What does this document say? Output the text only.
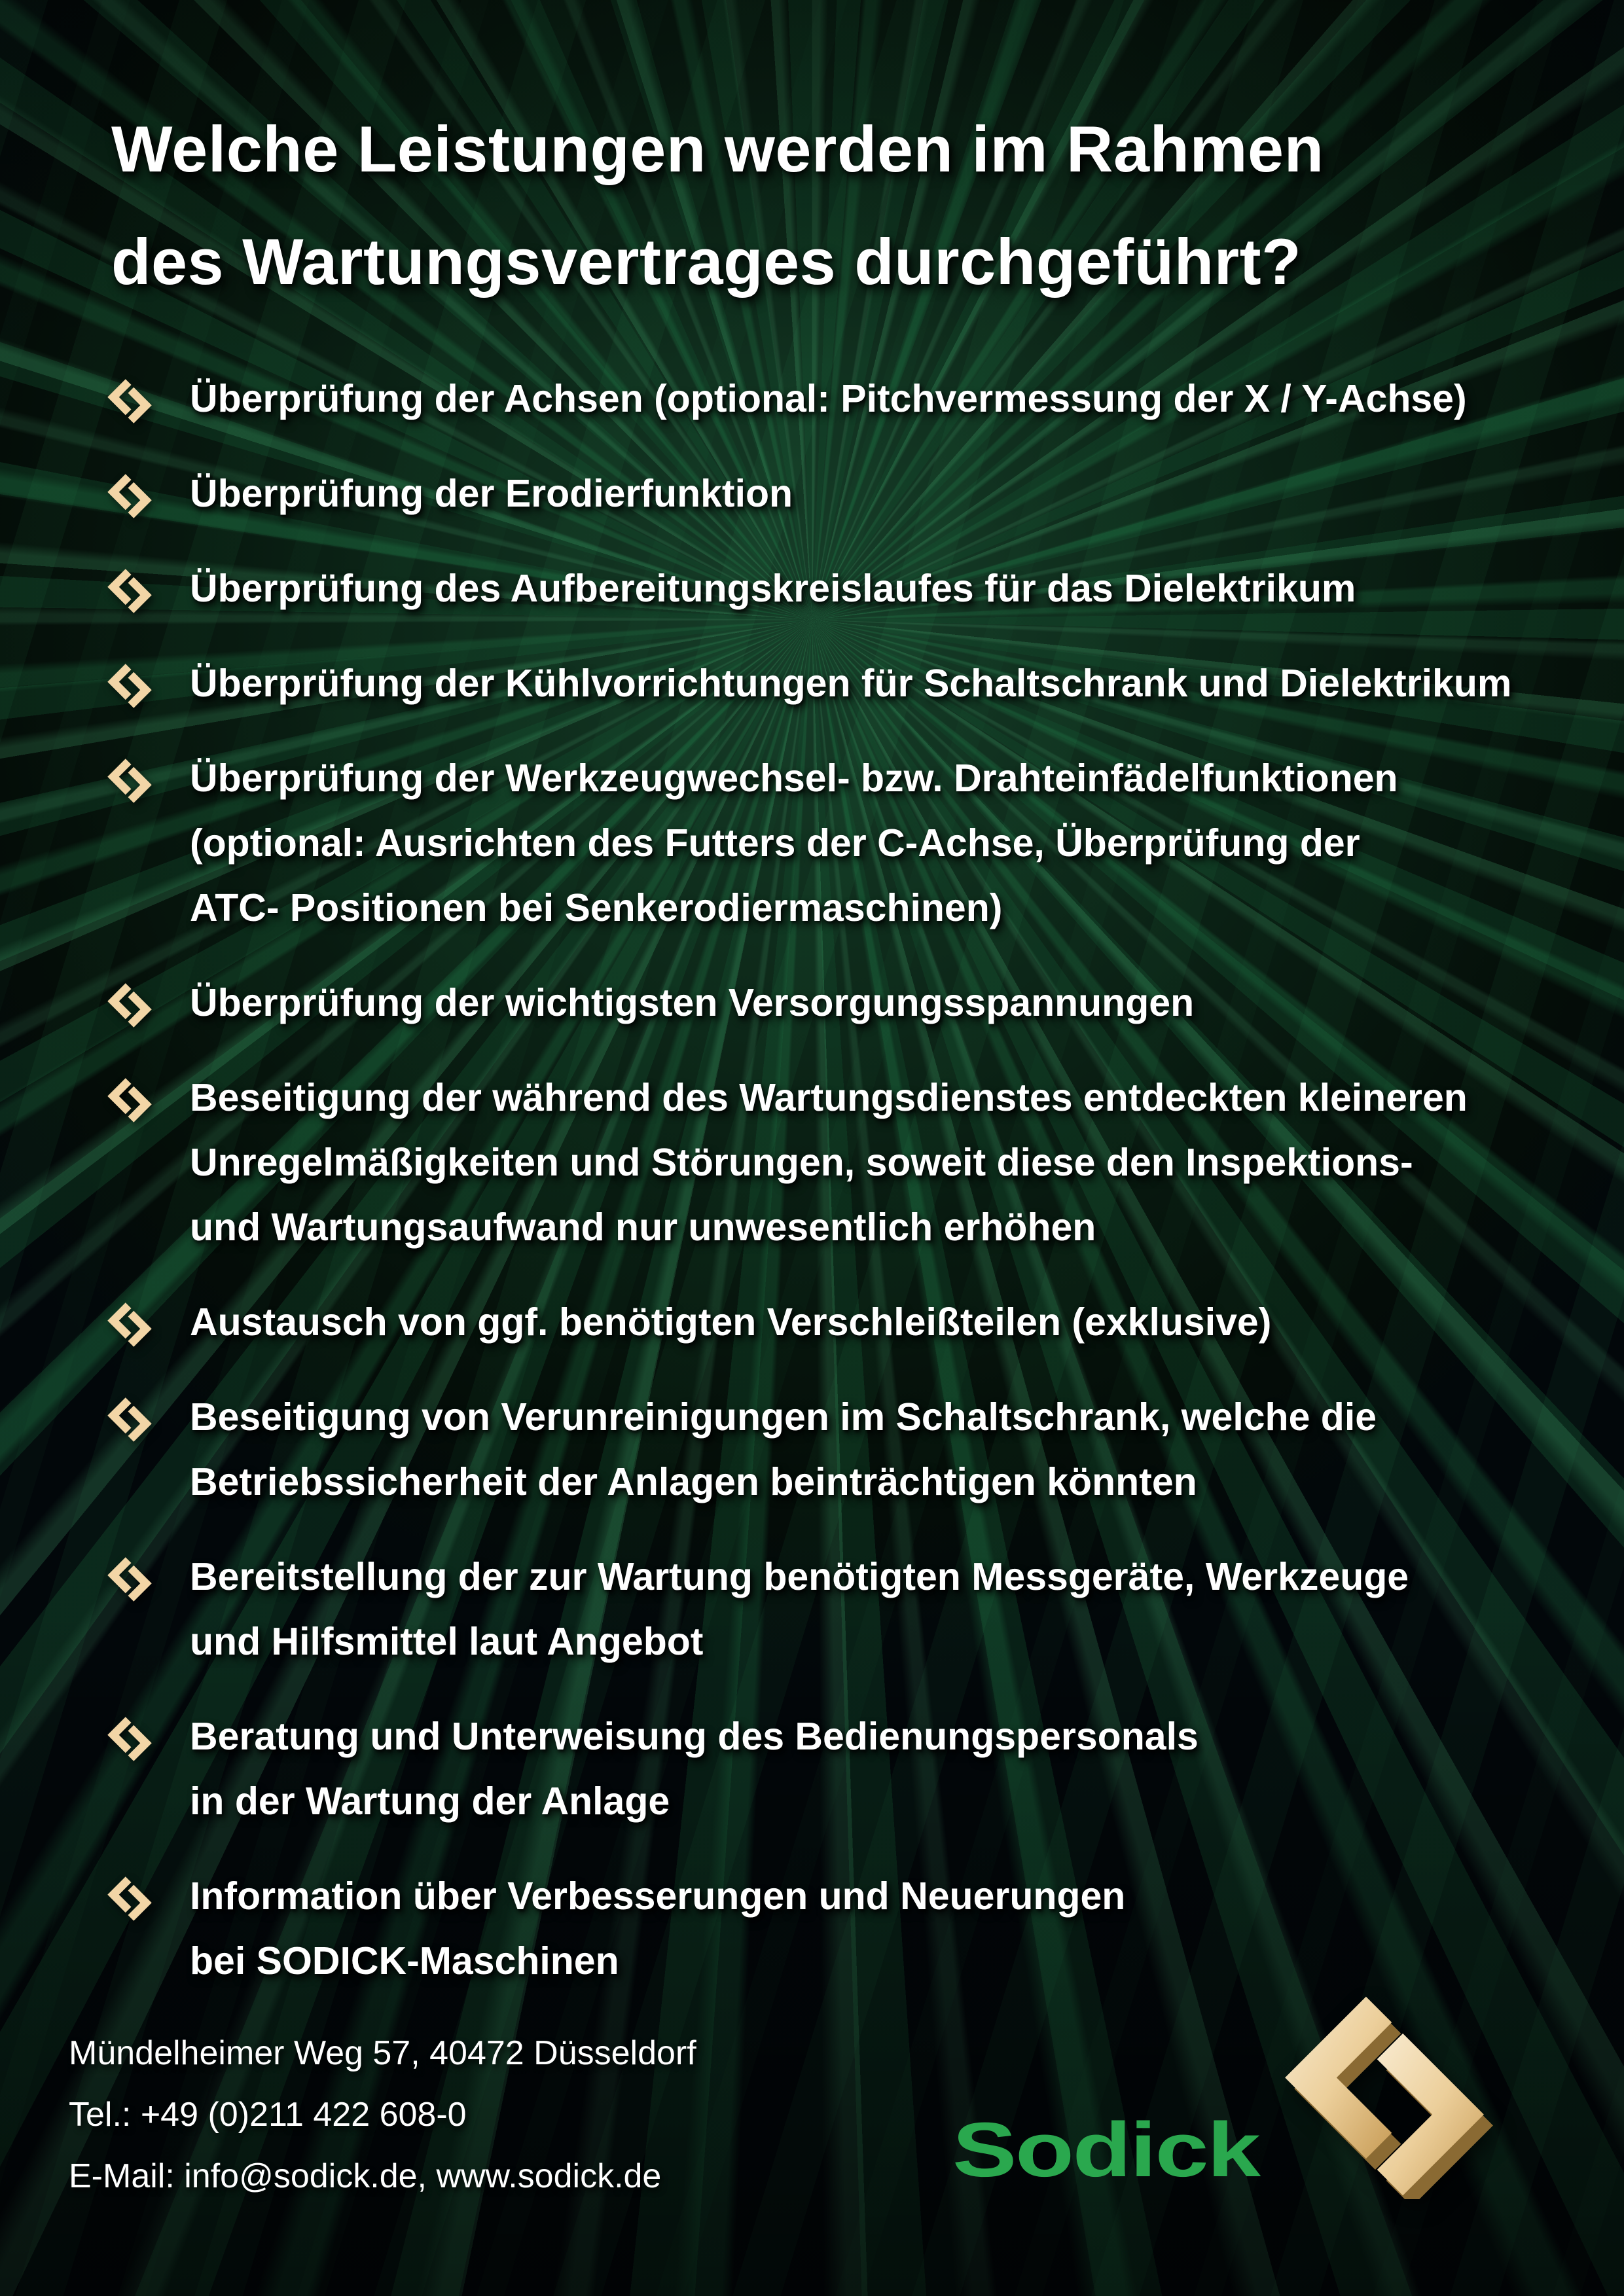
Welche Leistungen werden im Rahmen
des Wartungsvertrages durchgeführt?
Überprüfung der Achsen (optional: Pitchvermessung der X / Y-Achse)
Überprüfung der Erodierfunktion
Überprüfung des Aufbereitungskreislaufes für das Dielektrikum
Überprüfung der Kühlvorrichtungen für Schaltschrank und Dielektrikum
Überprüfung der Werkzeugwechsel- bzw. Drahteinfädelfunktionen
(optional: Ausrichten des Futters der C-Achse, Überprüfung der
ATC- Positionen bei Senkerodiermaschinen)
Überprüfung der wichtigsten Versorgungsspannungen
Beseitigung der während des Wartungsdienstes entdeckten kleineren
Unregelmäßigkeiten und Störungen, soweit diese den Inspektions-
und Wartungsaufwand nur unwesentlich erhöhen
Austausch von ggf. benötigten Verschleißteilen (exklusive)
Beseitigung von Verunreinigungen im Schaltschrank, welche die
Betriebssicherheit der Anlagen beinträchtigen könnten
Bereitstellung der zur Wartung benötigten Messgeräte, Werkzeuge
und Hilfsmittel laut Angebot
Beratung und Unterweisung des Bedienungspersonals
in der Wartung der Anlage
Information über Verbesserungen und Neuerungen
bei SODICK-Maschinen
Mündelheimer Weg 57, 40472 Düsseldorf
Tel.: +49 (0)211 422 608-0
E-Mail: info@sodick.de, www.sodick.de	Sodick
